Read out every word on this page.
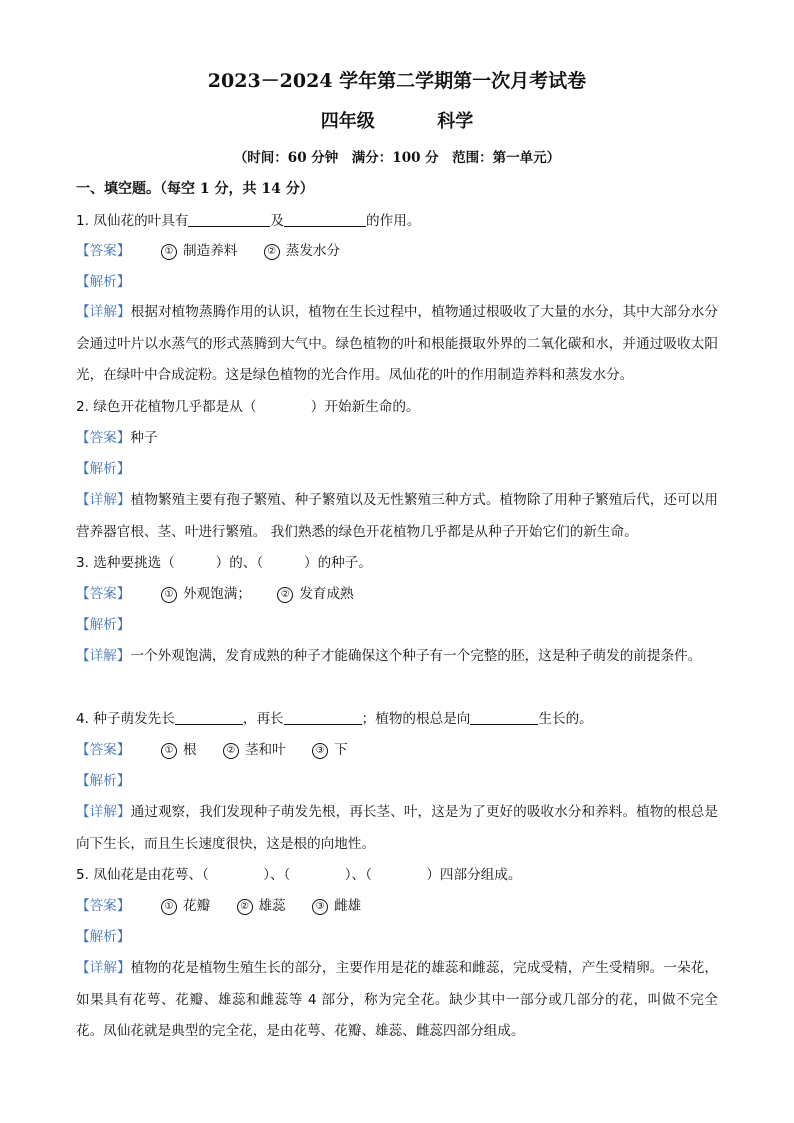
2023－2024 学年第二学期第一次月考试卷
四年级	科学
（时间：60 分钟　满分：100 分　范围：第一单元）
一、填空题。（每空 1 分，共 14 分）
1. 凤仙花的叶具有	及	的作用。
【答案】	① 制造养料	② 蒸发水分
【解析】
【详解】根据对植物蒸腾作用的认识，植物在生长过程中，植物通过根吸收了大量的水分，其中大部分水分会通过叶片以水蒸气的形式蒸腾到大气中。绿色植物的叶和根能摄取外界的二氧化碳和水，并通过吸收太阳光，在绿叶中合成淀粉。这是绿色植物的光合作用。凤仙花的叶的作用制造养料和蒸发水分。
2. 绿色开花植物几乎都是从（　　　　）开始新生命的。
【答案】种子
【解析】
【详解】植物繁殖主要有孢子繁殖、种子繁殖以及无性繁殖三种方式。植物除了用种子繁殖后代，还可以用营养器官根、茎、叶进行繁殖。 我们熟悉的绿色开花植物几乎都是从种子开始它们的新生命。
3. 选种要挑选（　　　）的、（　　　）的种子。
【答案】	① 外观饱满；	② 发育成熟
【解析】
【详解】一个外观饱满，发育成熟的种子才能确保这个种子有一个完整的胚，这是种子萌发的前提条件。
4. 种子萌发先长	，再长	；植物的根总是向	生长的。
【答案】	① 根	② 茎和叶	③ 下
【解析】
【详解】通过观察，我们发现种子萌发先根，再长茎、叶，这是为了更好的吸收水分和养料。植物的根总是向下生长，而且生长速度很快，这是根的向地性。
5. 凤仙花是由花萼、（　　　　）、（　　　　）、（　　　　）四部分组成。
【答案】	① 花瓣	② 雄蕊	③ 雌雄
【解析】
【详解】植物的花是植物生殖生长的部分，主要作用是花的雄蕊和雌蕊，完成受精，产生受精卵。一朵花，如果具有花萼、花瓣、雄蕊和雌蕊等 4 部分，称为完全花。缺少其中一部分或几部分的花，叫做不完全花。凤仙花就是典型的完全花，是由花萼、花瓣、雄蕊、雌蕊四部分组成。
